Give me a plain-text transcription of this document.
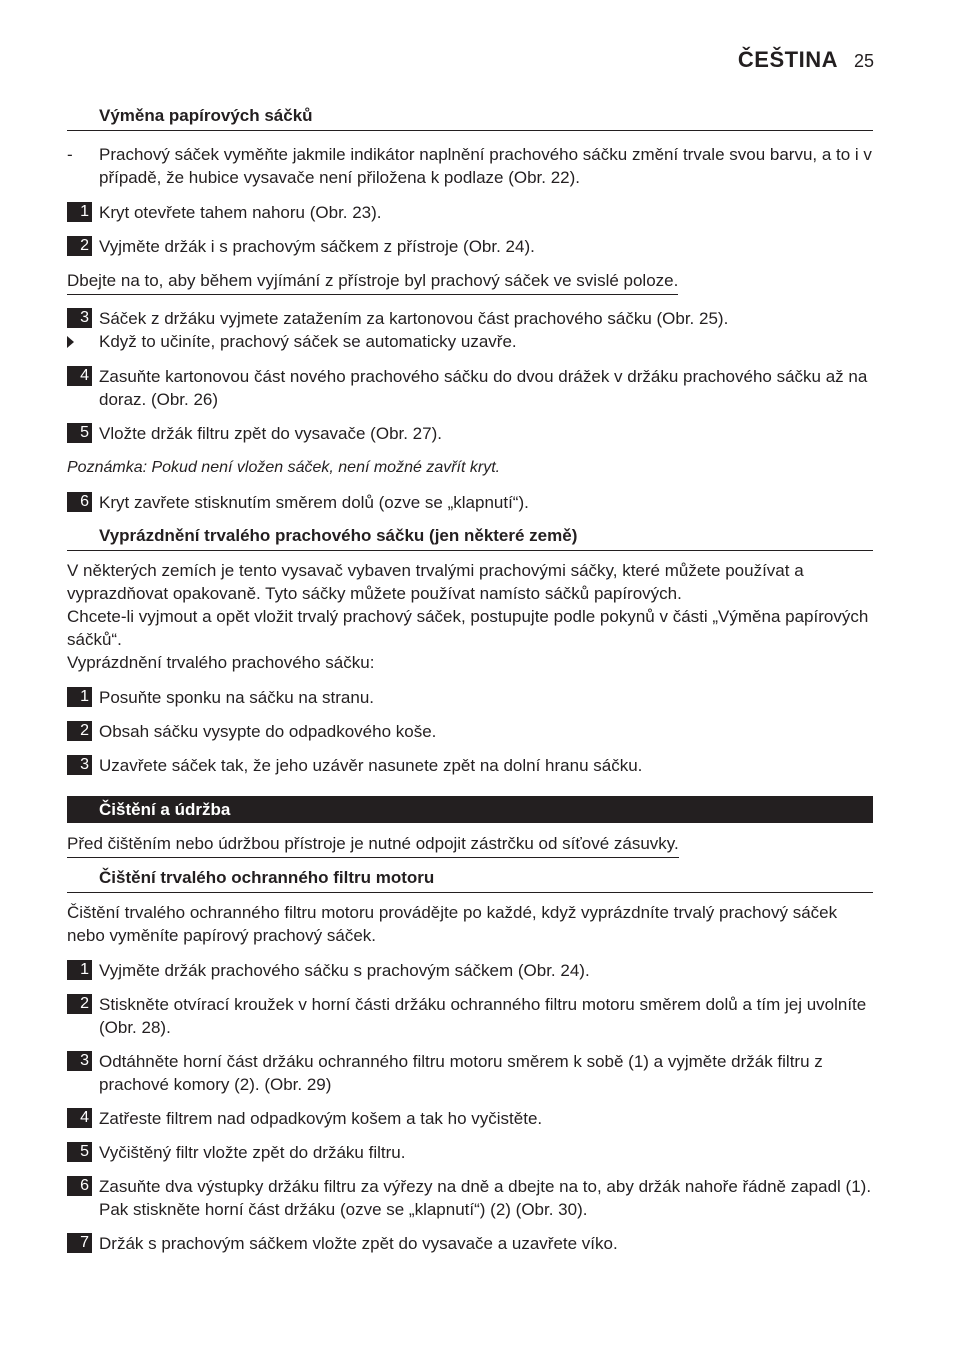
ČEŠTINA 25
Výměna papírových sáčků
- Prachový sáček vyměňte jakmile indikátor naplnění prachového sáčku změní trvale svou barvu, a to i v případě, že hubice vysavače není přiložena k podlaze (Obr. 22).
1 Kryt otevřete tahem nahoru (Obr. 23).
2 Vyjměte držák i s prachovým sáčkem z přístroje (Obr. 24).
Dbejte na to, aby během vyjímání z přístroje byl prachový sáček ve svislé poloze.
3 Sáček z držáku vyjmete zatažením za kartonovou část prachového sáčku (Obr. 25).
Když to učiníte, prachový sáček se automaticky uzavře.
4 Zasuňte kartonovou část nového prachového sáčku do dvou drážek v držáku prachového sáčku až na doraz. (Obr. 26)
5 Vložte držák filtru zpět do vysavače (Obr. 27).
Poznámka: Pokud není vložen sáček, není možné zavřít kryt.
6 Kryt zavřete stisknutím směrem dolů (ozve se „klapnutí“).
Vyprázdnění trvalého prachového sáčku (jen některé země)
V některých zemích je tento vysavač vybaven trvalými prachovými sáčky, které můžete používat a vyprazdňovat opakovaně. Tyto sáčky můžete používat namísto sáčků papírových.
Chcete-li vyjmout a opět vložit trvalý prachový sáček, postupujte podle pokynů v části „Výměna papírových sáčků“.
Vyprázdnění trvalého prachového sáčku:
1 Posuňte sponku na sáčku na stranu.
2 Obsah sáčku vysypte do odpadkového koše.
3 Uzavřete sáček tak, že jeho uzávěr nasunete zpět na dolní hranu sáčku.
Čištění a údržba
Před čištěním nebo údržbou přístroje je nutné odpojit zástrčku od síťové zásuvky.
Čištění trvalého ochranného filtru motoru
Čištění trvalého ochranného filtru motoru provádějte po každé, když vyprázdníte trvalý prachový sáček nebo vyměníte papírový prachový sáček.
1 Vyjměte držák prachového sáčku s prachovým sáčkem (Obr. 24).
2 Stiskněte otvírací kroužek v horní části držáku ochranného filtru motoru směrem dolů a tím jej uvolníte (Obr. 28).
3 Odtáhněte horní část držáku ochranného filtru motoru směrem k sobě (1) a vyjměte držák filtru z prachové komory (2). (Obr. 29)
4 Zatřeste filtrem nad odpadkovým košem a tak ho vyčistěte.
5 Vyčištěný filtr vložte zpět do držáku filtru.
6 Zasuňte dva výstupky držáku filtru za výřezy na dně a dbejte na to, aby držák nahoře řádně zapadl (1). Pak stiskněte horní část držáku (ozve se „klapnutí“) (2) (Obr. 30).
7 Držák s prachovým sáčkem vložte zpět do vysavače a uzavřete víko.
